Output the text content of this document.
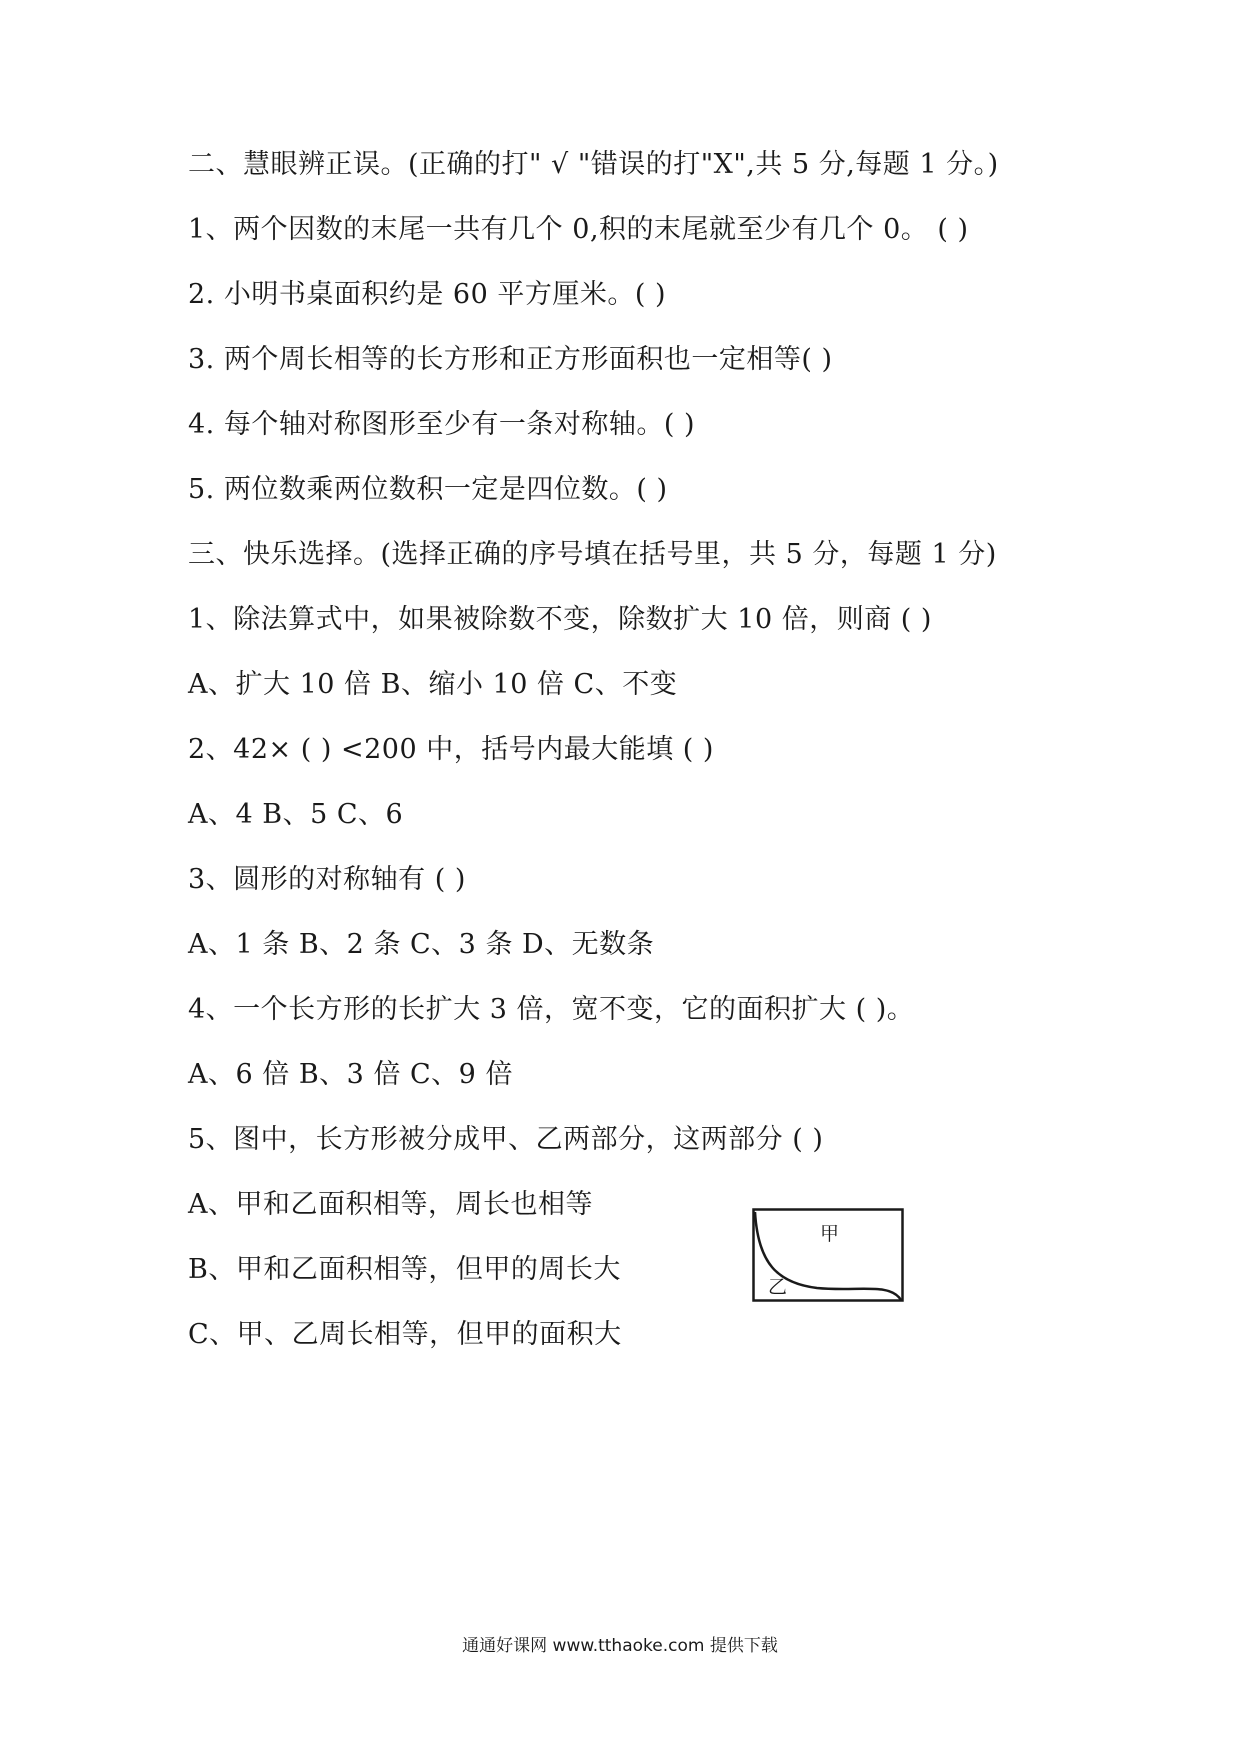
二、慧眼辨正误。(正确的打" √ "错误的打"X",共 5 分,每题 1 分。)
1、两个因数的末尾一共有几个 0,积的末尾就至少有几个 0。 ( )
2. 小明书桌面积约是 60 平方厘米。( )
3. 两个周长相等的长方形和正方形面积也一定相等( )
4. 每个轴对称图形至少有一条对称轴。( )
5. 两位数乘两位数积一定是四位数。( )
三、快乐选择。(选择正确的序号填在括号里，共 5 分，每题 1 分)
1、除法算式中，如果被除数不变，除数扩大 10 倍，则商 ( )
A、扩大 10 倍 B、缩小 10 倍 C、不变
2、42× ( ) <200 中，括号内最大能填 ( )
A、4 B、5 C、6
3、圆形的对称轴有 ( )
A、1 条 B、2 条 C、3 条 D、无数条
4、一个长方形的长扩大 3 倍，宽不变，它的面积扩大 ( )。
A、6 倍 B、3 倍 C、9 倍
5、图中，长方形被分成甲、乙两部分，这两部分 ( )
A、甲和乙面积相等，周长也相等
B、甲和乙面积相等，但甲的周长大
C、甲、乙周长相等，但甲的面积大
甲
乙
通通好课网 www.tthaoke.com 提供下载
